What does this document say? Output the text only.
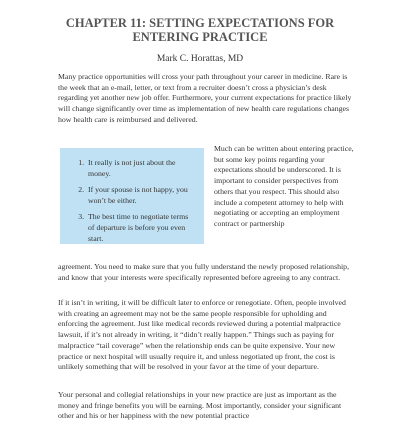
CHAPTER 11: SETTING EXPECTATIONS FOR ENTERING PRACTICE
Mark C. Horattas, MD
Many practice opportunities will cross your path throughout your career in medicine. Rare is the week that an e-mail, letter, or text from a recruiter doesn’t cross a physician’s desk regarding yet another new job offer. Furthermore, your current expectations for practice likely will change significantly over time as implementation of new health care regulations changes how health care is reimbursed and delivered.
1. It really is not just about the money.
2. If your spouse is not happy, you won’t be either.
3. The best time to negotiate terms of departure is before you even start.
Much can be written about entering practice, but some key points regarding your expectations should be underscored. It is important to consider perspectives from others that you respect. This should also include a competent attorney to help with negotiating or accepting an employment contract or partnership
agreement. You need to make sure that you fully understand the newly proposed relationship, and know that your interests were specifically represented before agreeing to any contract.
If it isn’t in writing, it will be difficult later to enforce or renegotiate. Often, people involved with creating an agreement may not be the same people responsible for upholding and enforcing the agreement. Just like medical records reviewed during a potential malpractice lawsuit, if it’s not already in writing, it “didn’t really happen.” Things such as paying for malpractice “tail coverage” when the relationship ends can be quite expensive. Your new practice or next hospital will usually require it, and unless negotiated up front, the cost is unlikely something that will be resolved in your favor at the time of your departure.
Your personal and collegial relationships in your new practice are just as important as the money and fringe benefits you will be earning. Most importantly, consider your significant other and his or her happiness with the new potential practice
